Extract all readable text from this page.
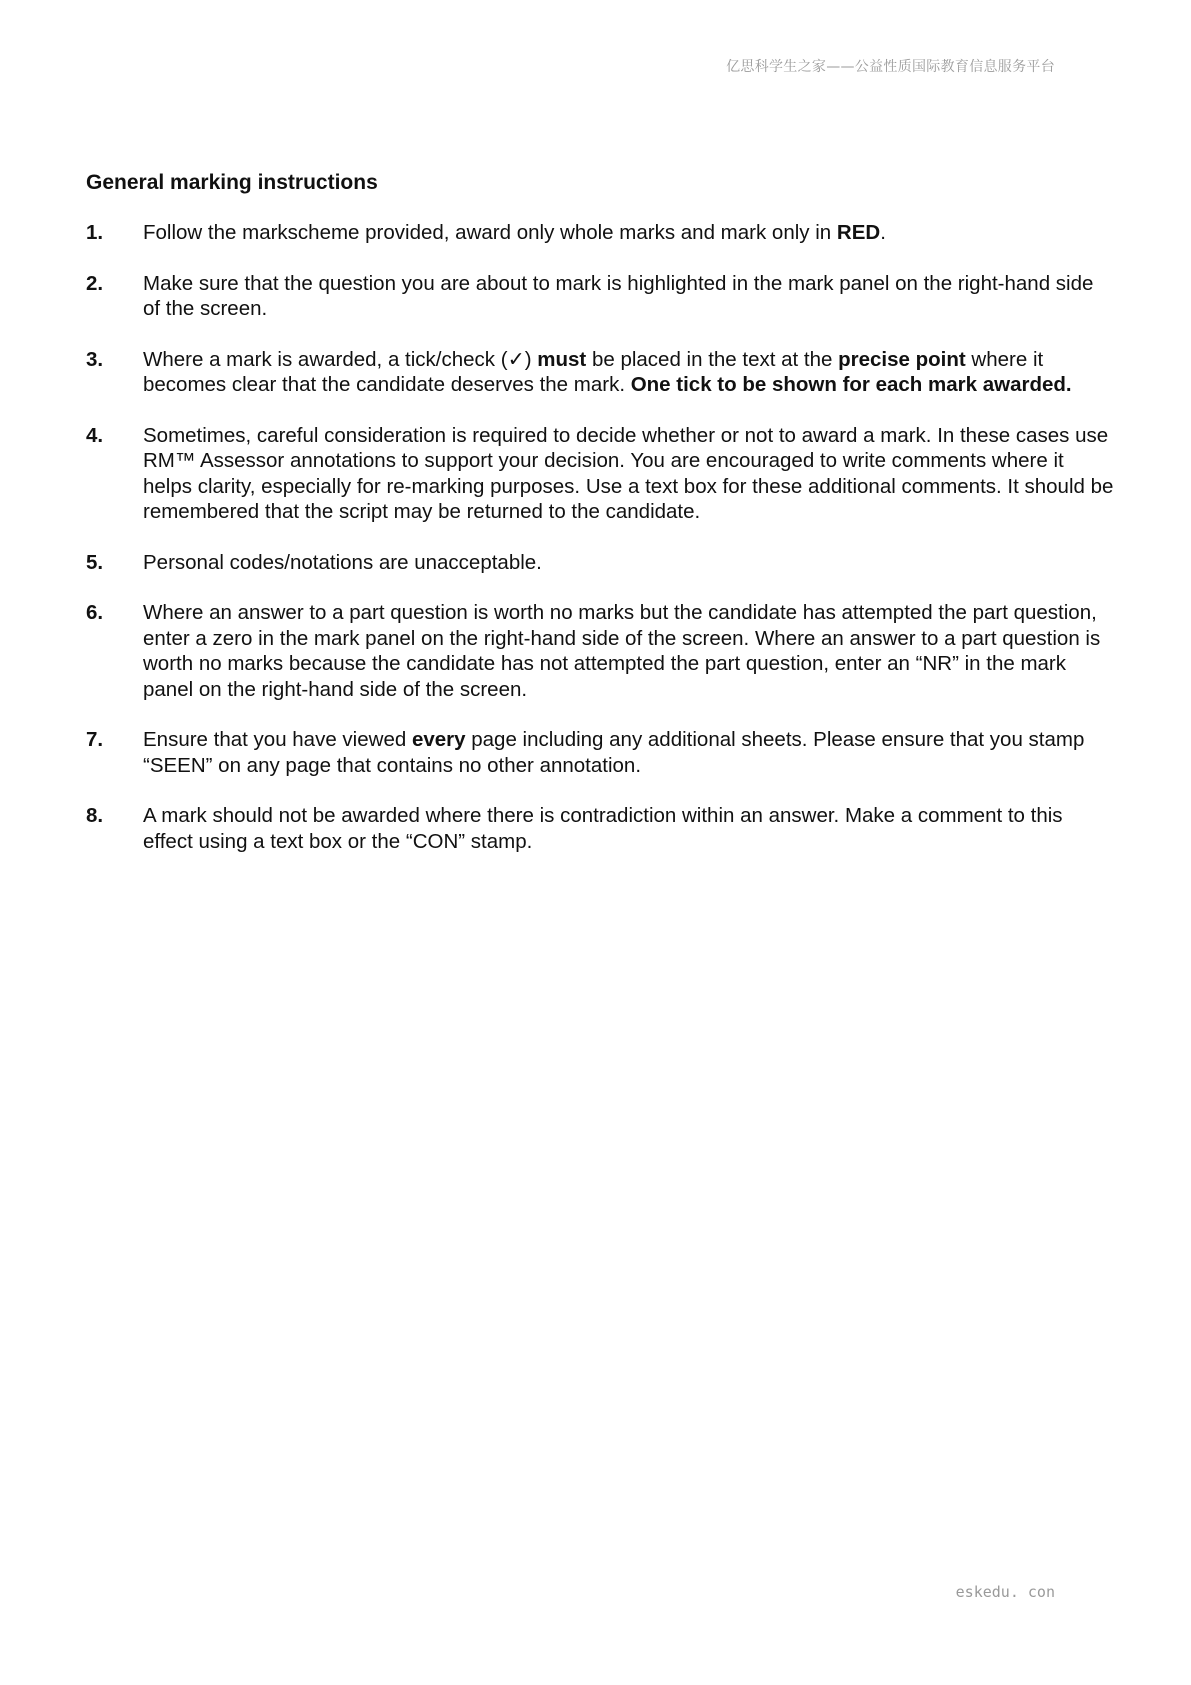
亿思科学生之家——公益性质国际教育信息服务平台
General marking instructions
1.	Follow the markscheme provided, award only whole marks and mark only in RED.
2.	Make sure that the question you are about to mark is highlighted in the mark panel on the right-hand side of the screen.
3.	Where a mark is awarded, a tick/check (✓) must be placed in the text at the precise point where it becomes clear that the candidate deserves the mark. One tick to be shown for each mark awarded.
4.	Sometimes, careful consideration is required to decide whether or not to award a mark. In these cases use RM™ Assessor annotations to support your decision. You are encouraged to write comments where it helps clarity, especially for re-marking purposes. Use a text box for these additional comments. It should be remembered that the script may be returned to the candidate.
5.	Personal codes/notations are unacceptable.
6.	Where an answer to a part question is worth no marks but the candidate has attempted the part question, enter a zero in the mark panel on the right-hand side of the screen. Where an answer to a part question is worth no marks because the candidate has not attempted the part question, enter an “NR” in the mark panel on the right-hand side of the screen.
7.	Ensure that you have viewed every page including any additional sheets. Please ensure that you stamp “SEEN” on any page that contains no other annotation.
8.	A mark should not be awarded where there is contradiction within an answer. Make a comment to this effect using a text box or the “CON” stamp.
eskedu. con
